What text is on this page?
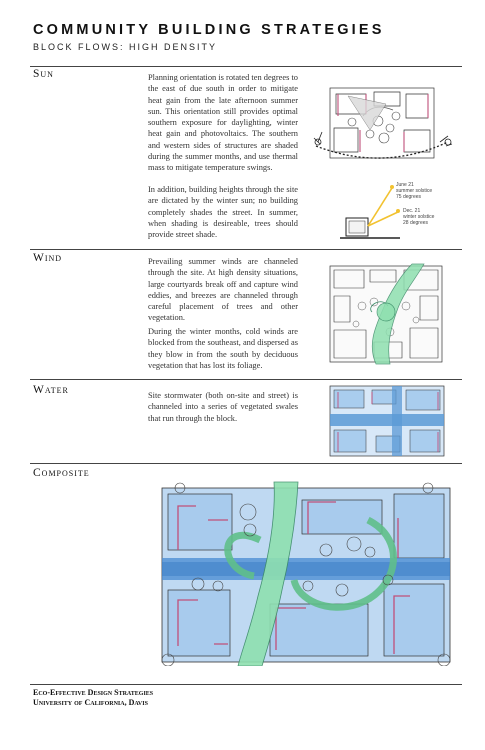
COMMUNITY BUILDING STRATEGIES
BLOCK FLOWS: HIGH DENSITY
Sun	Planning orientation is rotated ten degrees to the east of due south in order to mitigate heat gain from the late afternoon summer sun. This orientation still provides optimal southern exposure for daylighting, winter heat gain and photovoltaics. The southern and western sides of structures are shaded during the summer months, and use thermal mass to mitigate temperature swings.
In addition, building heights through the site are dictated by the winter sun; no building completely shades the street. In summer, when shading is desireable, trees should provide street shade.
June 21
summer solstice
75 degrees
Dec. 21
winter solstice
28 degrees
Wind	Prevailing summer winds are channeled through the site. At high density situations, large courtyards break off and capture wind eddies, and breezes are channeled through careful placement of trees and other vegetation.
During the winter months, cold winds are blocked from the southeast, and dispersed as they blow in from the south by deciduous vegetation that has lost its foliage.
Water	Site stormwater (both on-site and street) is channeled into a series of vegetated swales that run through the block.
Composite
Eco-Effective Design Strategies
University of California, Davis
